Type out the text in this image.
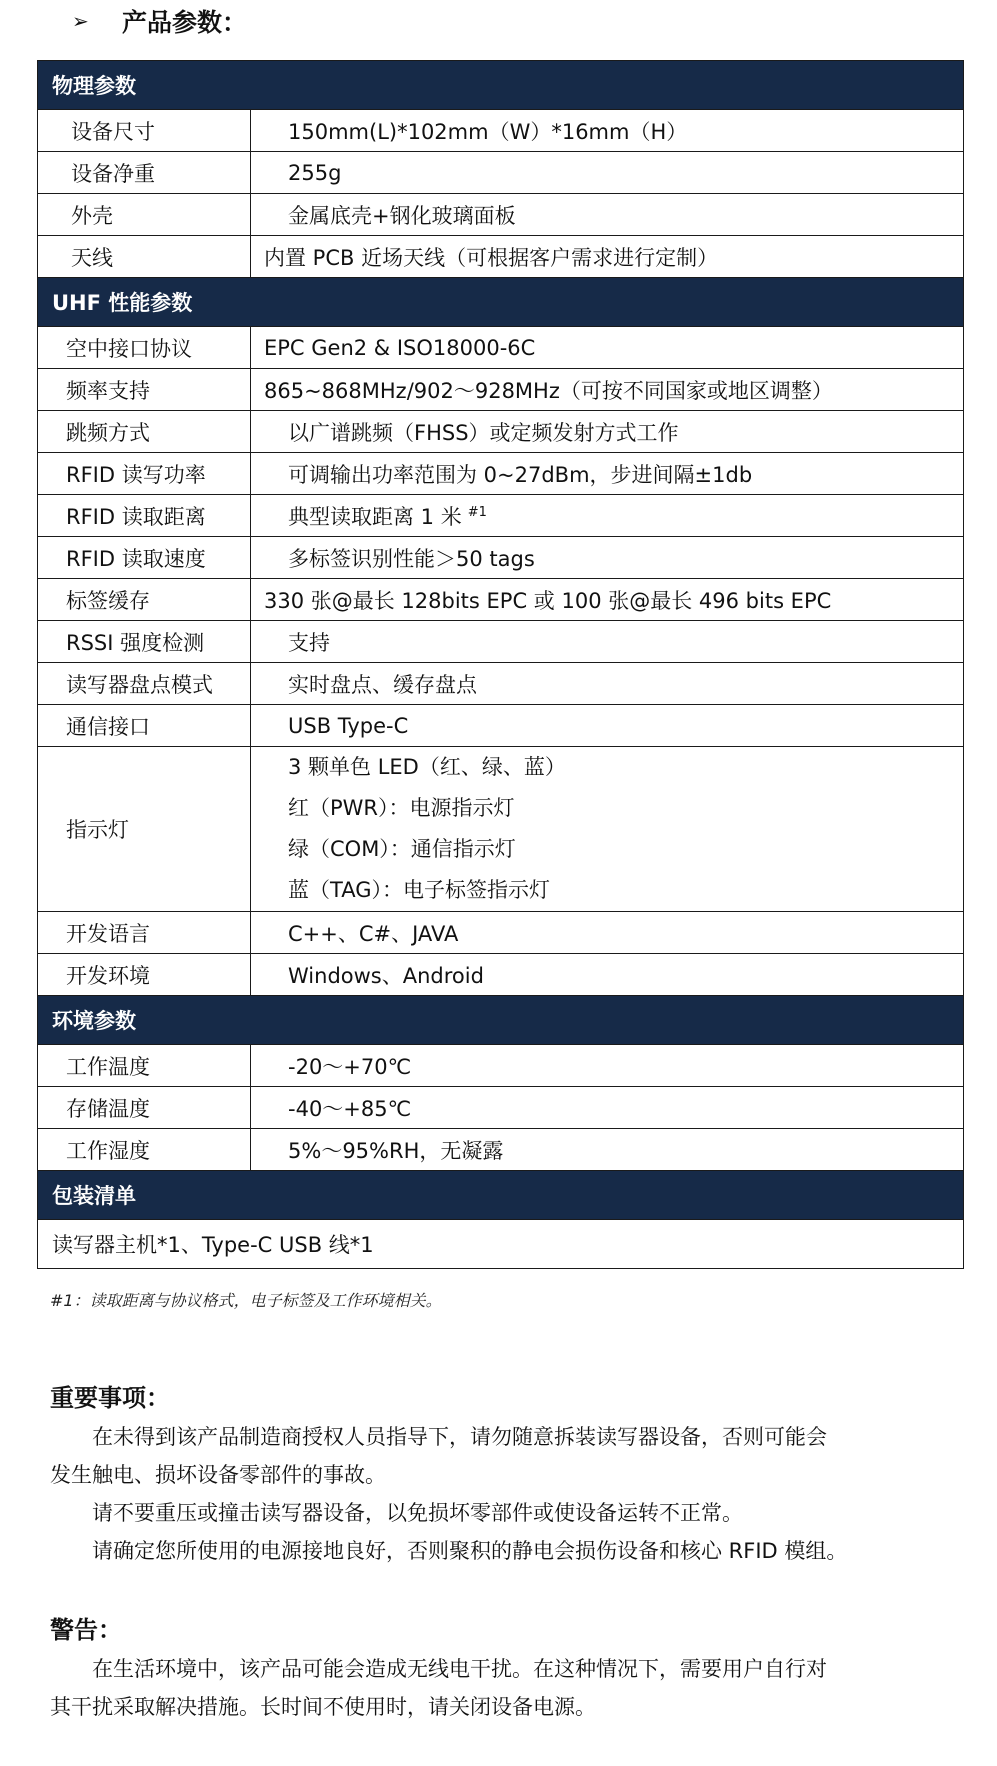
➢	产品参数：
物理参数	
设备尺寸	150mm(L)*102mm（W）*16mm（H）
设备净重	255g
外壳	金属底壳+钢化玻璃面板
天线	内置 PCB 近场天线（可根据客户需求进行定制）
UHF 性能参数	
空中接口协议	EPC Gen2 & ISO18000-6C
频率支持	865~868MHz/902～928MHz（可按不同国家或地区调整）
跳频方式	以广谱跳频（FHSS）或定频发射方式工作
RFID 读写功率	可调输出功率范围为 0~27dBm，步进间隔±1db
RFID 读取距离	典型读取距离 1 米 $^{\#1}$
RFID 读取速度	多标签识别性能＞50 tags
标签缓存	330 张@最长 128bits EPC 或 100 张@最长 496 bits EPC
RSSI 强度检测	支持
读写器盘点模式	实时盘点、缓存盘点
通信接口	USB Type-C
指示灯	3 颗单色 LED（红、绿、蓝）
红（PWR）：电源指示灯
绿（COM）：通信指示灯
蓝（TAG）：电子标签指示灯

开发语言	C++、C#、JAVA
开发环境	Windows、Android
环境参数	
工作温度	-20～+70℃
存储温度	-40～+85℃
工作湿度	5%～95%RH，无凝露
包装清单	
读写器主机*1、Type-C USB 线*1	
#1：读取距离与协议格式，电子标签及工作环境相关。
重要事项：
　　在未得到该产品制造商授权人员指导下，请勿随意拆装读写器设备，否则可能会
发生触电、损坏设备零部件的事故。
　　请不要重压或撞击读写器设备，以免损坏零部件或使设备运转不正常。
　　请确定您所使用的电源接地良好，否则聚积的静电会损伤设备和核心 RFID 模组。
警告：
　　在生活环境中，该产品可能会造成无线电干扰。在这种情况下，需要用户自行对
其干扰采取解决措施。长时间不使用时，请关闭设备电源。
